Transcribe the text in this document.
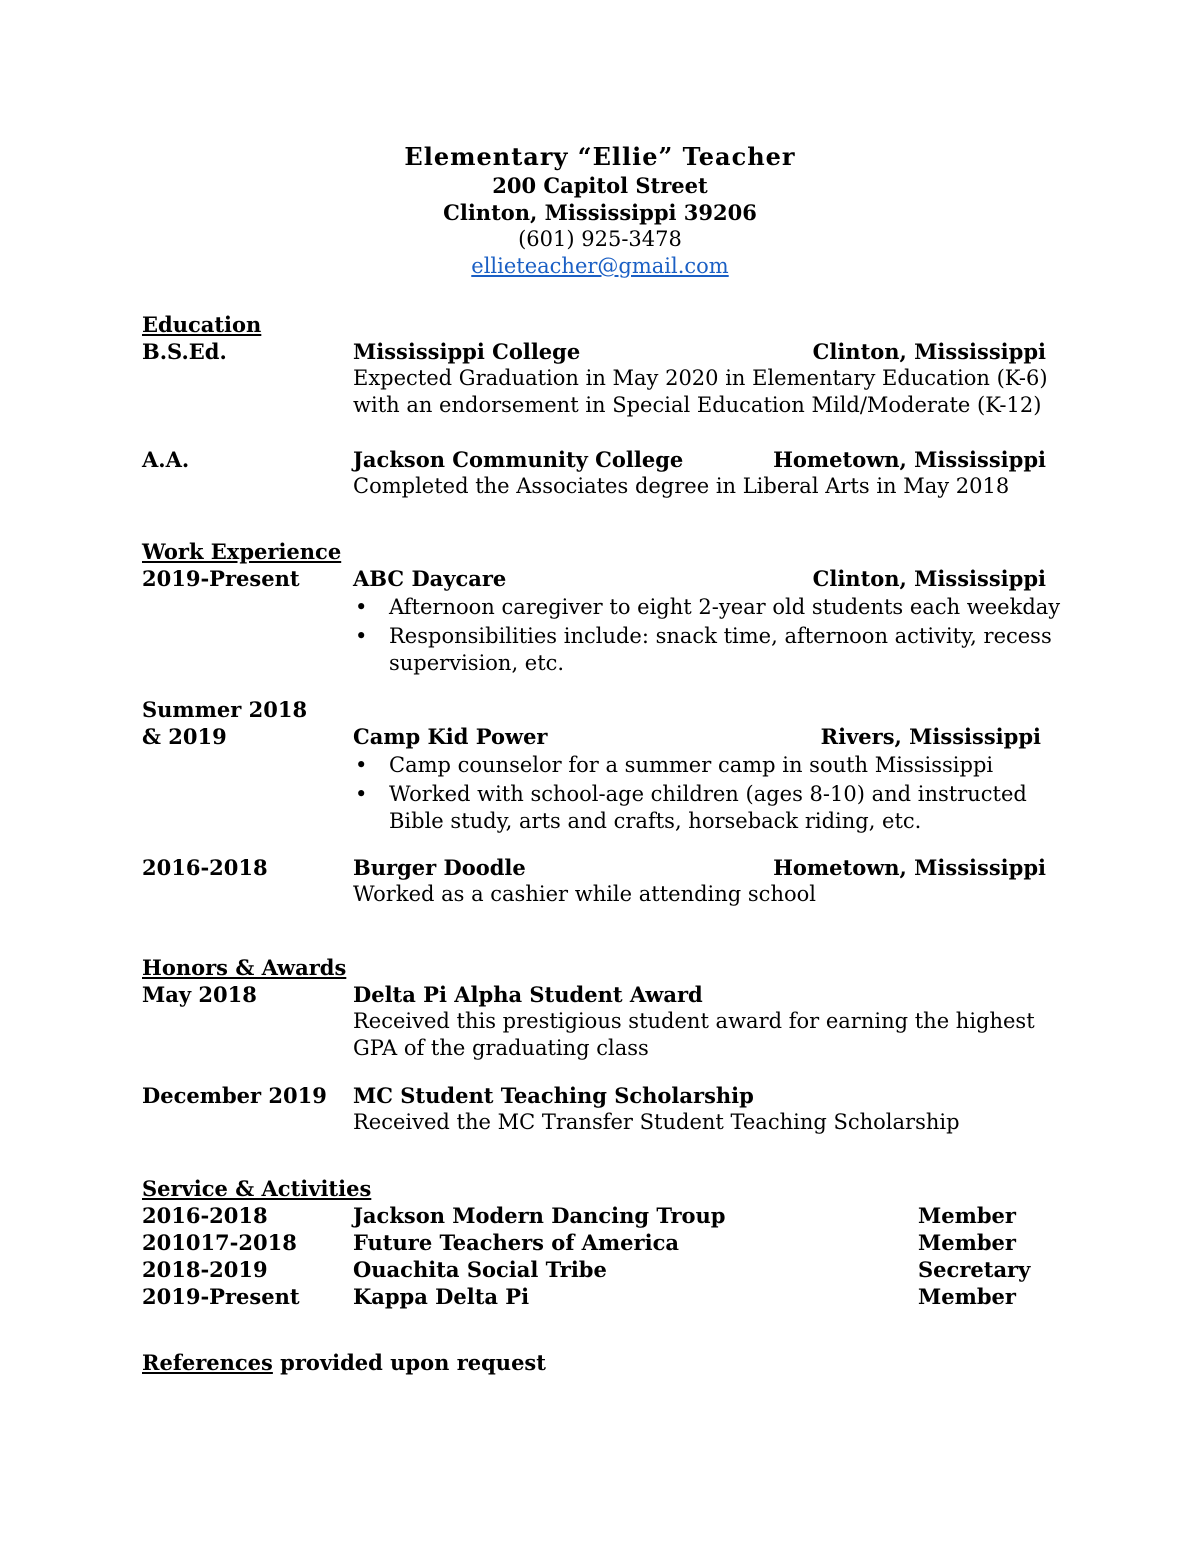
Elementary “Ellie” Teacher
200 Capitol Street
Clinton, Mississippi 39206
(601) 925-3478
ellieteacher@gmail.com
Education
B.S.Ed.	Mississippi College	Clinton, Mississippi
Expected Graduation in May 2020 in Elementary Education (K-6)
with an endorsement in Special Education Mild/Moderate (K-12)
A.A.	Jackson Community College	Hometown, Mississippi
Completed the Associates degree in Liberal Arts in May 2018
Work Experience
2019-Present	ABC Daycare	Clinton, Mississippi
• Afternoon caregiver to eight 2-year old students each weekday
• Responsibilities include: snack time, afternoon activity, recess
supervision, etc.
Summer 2018
& 2019	Camp Kid Power	Rivers, Mississippi
• Camp counselor for a summer camp in south Mississippi
• Worked with school-age children (ages 8-10) and instructed
Bible study, arts and crafts, horseback riding, etc.
2016-2018	Burger Doodle	Hometown, Mississippi
Worked as a cashier while attending school
Honors & Awards
May 2018	Delta Pi Alpha Student Award
Received this prestigious student award for earning the highest
GPA of the graduating class
December 2019 MC Student Teaching Scholarship
Received the MC Transfer Student Teaching Scholarship
Service & Activities
2016-2018	Jackson Modern Dancing Troup	Member
201017-2018	Future Teachers of America	Member
2018-2019	Ouachita Social Tribe	Secretary
2019-Present	Kappa Delta Pi	Member
References provided upon request
